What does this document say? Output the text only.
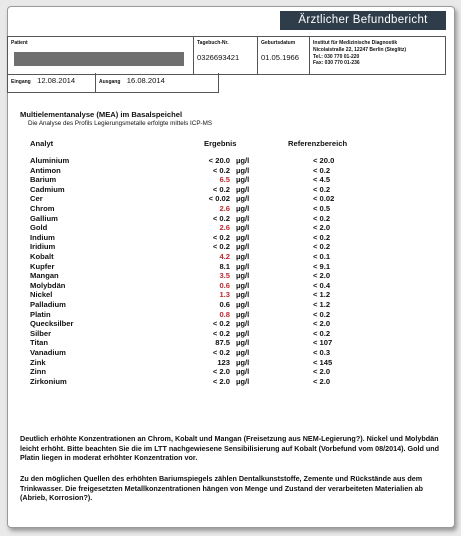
Ärztlicher Befundbericht
Patient	Tagebuch-Nr.
0326693421
Geburtsdatum
01.05.1966
Institut für Medizinische Diagnostik
Nicolaistraße 22, 12247 Berlin (Steglitz)
Tel.: 030 770 01-220
Fax: 030 770 01-236
Eingang 12.08.2014	Ausgang 16.08.2014
Multielementanalyse (MEA) im Basalspeichel
Die Analyse des Profils Legierungsmetalle erfolgte mittels ICP-MS
Analyt	Ergebnis	Referenzbereich
Aluminium	< 20.0 µg/l	< 20.0
Antimon	< 0.2 µg/l	< 0.2
Barium	6.5 µg/l	< 4.5
Cadmium	< 0.2 µg/l	< 0.2
Cer	< 0.02 µg/l	< 0.02
Chrom	2.6 µg/l	< 0.5
Gallium	< 0.2 µg/l	< 0.2
Gold	2.6 µg/l	< 2.0
Indium	< 0.2 µg/l	< 0.2
Iridium	< 0.2 µg/l	< 0.2
Kobalt	4.2 µg/l	< 0.1
Kupfer	8.1 µg/l	< 9.1
Mangan	3.5 µg/l	< 2.0
Molybdän	0.6 µg/l	< 0.4
Nickel	1.3 µg/l	< 1.2
Palladium	0.6 µg/l	< 1.2
Platin	0.8 µg/l	< 0.2
Quecksilber	< 0.2 µg/l	< 2.0
Silber	< 0.2 µg/l	< 0.2
Titan	87.5 µg/l	< 107
Vanadium	< 0.2 µg/l	< 0.3
Zink	123 µg/l	< 145
Zinn	< 2.0 µg/l	< 2.0
Zirkonium	< 2.0 µg/l	< 2.0
Deutlich erhöhte Konzentrationen an Chrom, Kobalt und Mangan (Freisetzung aus NEM-Legierung?). Nickel und Molybdän leicht erhöht. Bitte beachten Sie die im LTT nachgewiesene Sensibilisierung auf Kobalt (Vorbefund vom 08/2014). Gold und Platin liegen in moderat erhöhter Konzentration vor.
Zu den möglichen Quellen des erhöhten Bariumspiegels zählen Dentalkunststoffe, Zemente und Rückstände aus dem Trinkwasser. Die freigesetzten Metallkonzentrationen hängen von Menge und Zustand der verarbeiteten Materialien ab (Abrieb, Korrosion?).
